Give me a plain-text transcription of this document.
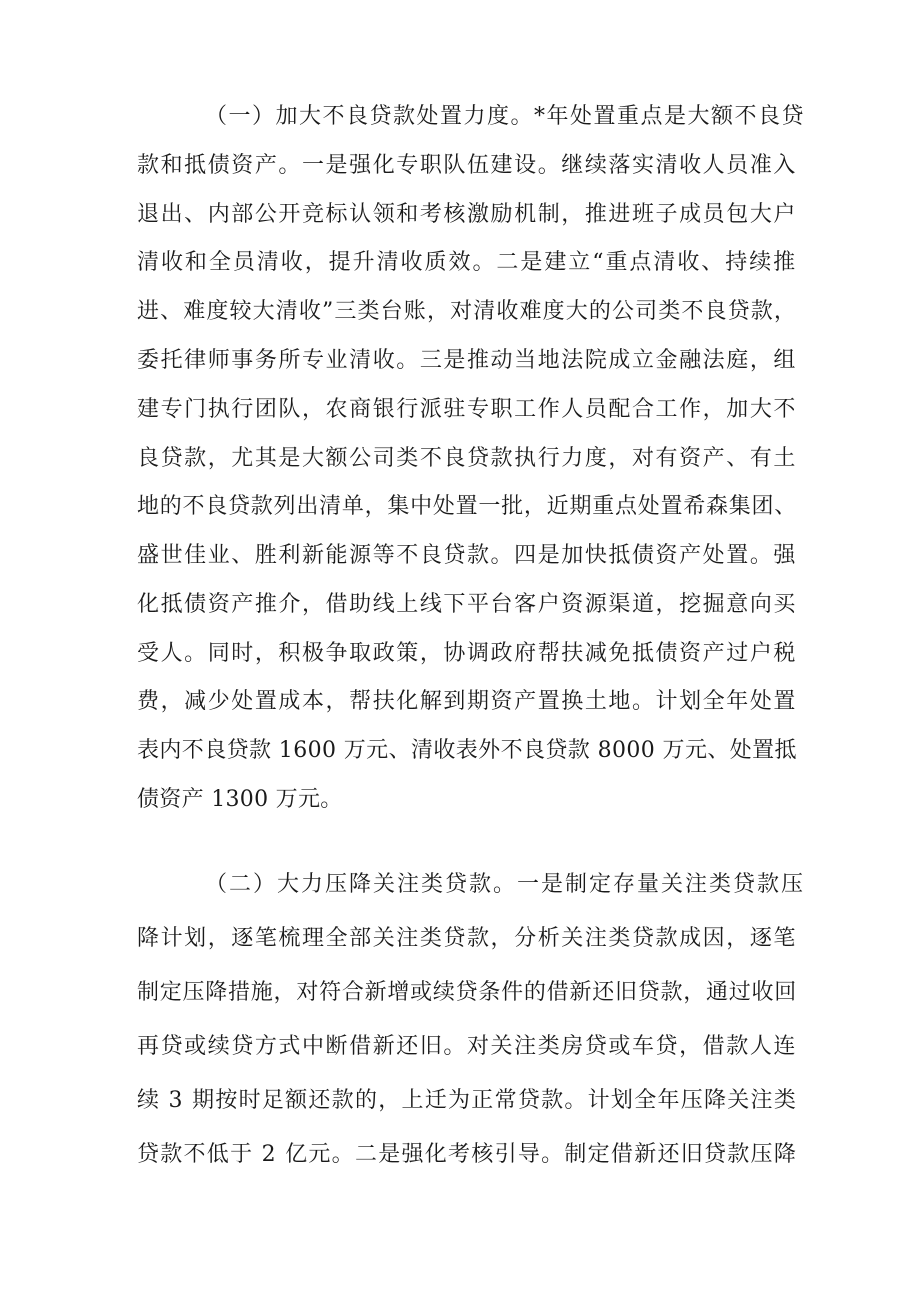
（一）加大不良贷款处置力度。*年处置重点是大额不良贷

款和抵债资产。一是强化专职队伍建设。继续落实清收人员准入

退出、内部公开竞标认领和考核激励机制，推进班子成员包大户

清收和全员清收，提升清收质效。二是建立“重点清收、持续推

进、难度较大清收”三类台账，对清收难度大的公司类不良贷款，

委托律师事务所专业清收。三是推动当地法院成立金融法庭，组

建专门执行团队，农商银行派驻专职工作人员配合工作，加大不

良贷款，尤其是大额公司类不良贷款执行力度，对有资产、有土

地的不良贷款列出清单，集中处置一批，近期重点处置希森集团、

盛世佳业、胜利新能源等不良贷款。四是加快抵债资产处置。强

化抵债资产推介，借助线上线下平台客户资源渠道，挖掘意向买

受人。同时，积极争取政策，协调政府帮扶减免抵债资产过户税

费，减少处置成本，帮扶化解到期资产置换土地。计划全年处置

表内不良贷款 1600 万元、清收表外不良贷款 8000 万元、处置抵

债资产 1300 万元。

（二）大力压降关注类贷款。一是制定存量关注类贷款压

降计划，逐笔梳理全部关注类贷款，分析关注类贷款成因，逐笔

制定压降措施，对符合新增或续贷条件的借新还旧贷款，通过收回

再贷或续贷方式中断借新还旧。对关注类房贷或车贷，借款人连

续 3 期按时足额还款的，上迁为正常贷款。计划全年压降关注类

贷款不低于 2 亿元。二是强化考核引导。制定借新还旧贷款压降
